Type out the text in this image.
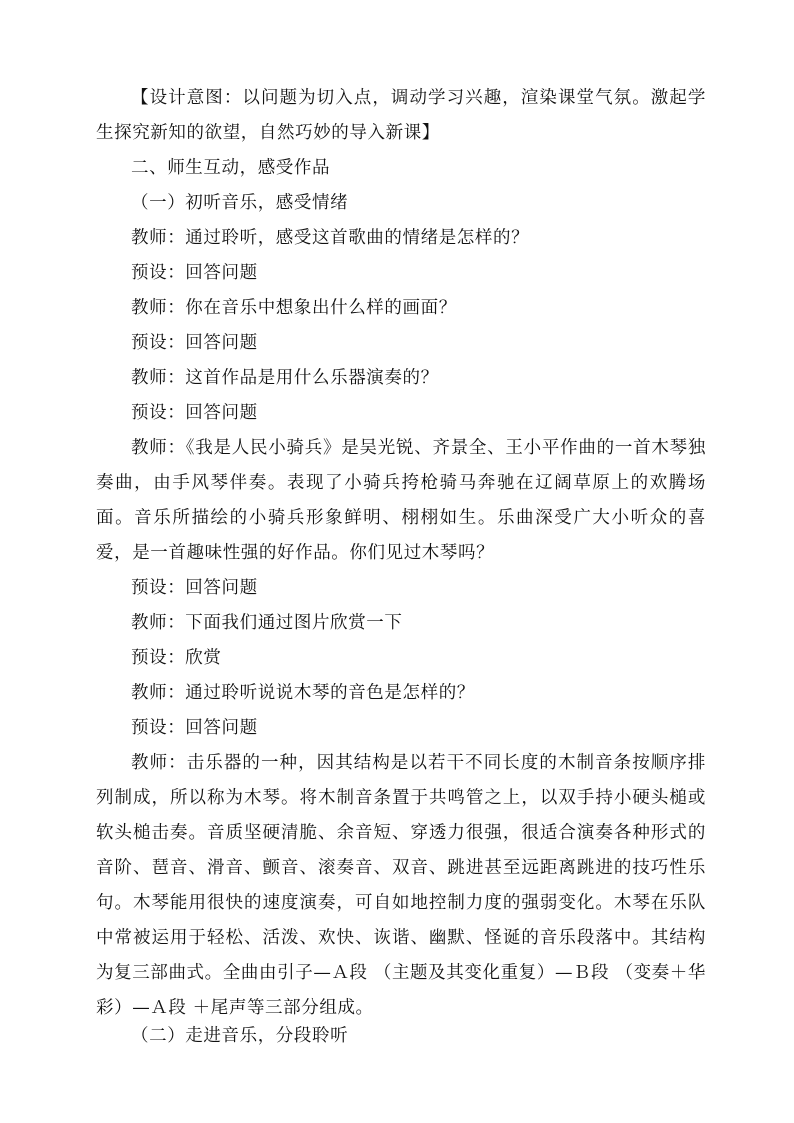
【设计意图：以问题为切入点，调动学习兴趣，渲染课堂气氛。激起学生探究新知的欲望，自然巧妙的导入新课】

二、师生互动，感受作品

（一）初听音乐，感受情绪

教师：通过聆听，感受这首歌曲的情绪是怎样的？

预设：回答问题

教师：你在音乐中想象出什么样的画面？

预设：回答问题

教师：这首作品是用什么乐器演奏的？

预设：回答问题

教师：《我是人民小骑兵》是吴光锐、齐景全、王小平作曲的一首木琴独奏曲，由手风琴伴奏。表现了小骑兵挎枪骑马奔驰在辽阔草原上的欢腾场面。音乐所描绘的小骑兵形象鲜明、栩栩如生。乐曲深受广大小听众的喜爱，是一首趣味性强的好作品。你们见过木琴吗？

预设：回答问题

教师：下面我们通过图片欣赏一下

预设：欣赏

教师：通过聆听说说木琴的音色是怎样的？

预设：回答问题

教师：击乐器的一种，因其结构是以若干不同长度的木制音条按顺序排列制成，所以称为木琴。将木制音条置于共鸣管之上，以双手持小硬头槌或软头槌击奏。音质坚硬清脆、余音短、穿透力很强，很适合演奏各种形式的音阶、琶音、滑音、颤音、滚奏音、双音、跳进甚至远距离跳进的技巧性乐句。木琴能用很快的速度演奏，可自如地控制力度的强弱变化。木琴在乐队中常被运用于轻松、活泼、欢快、诙谐、幽默、怪诞的音乐段落中。其结构为复三部曲式。全曲由引子—Ａ段 （主题及其变化重复）—Ｂ段 （变奏＋华彩）—Ａ段 ＋尾声等三部分组成。

（二）走进音乐，分段聆听
